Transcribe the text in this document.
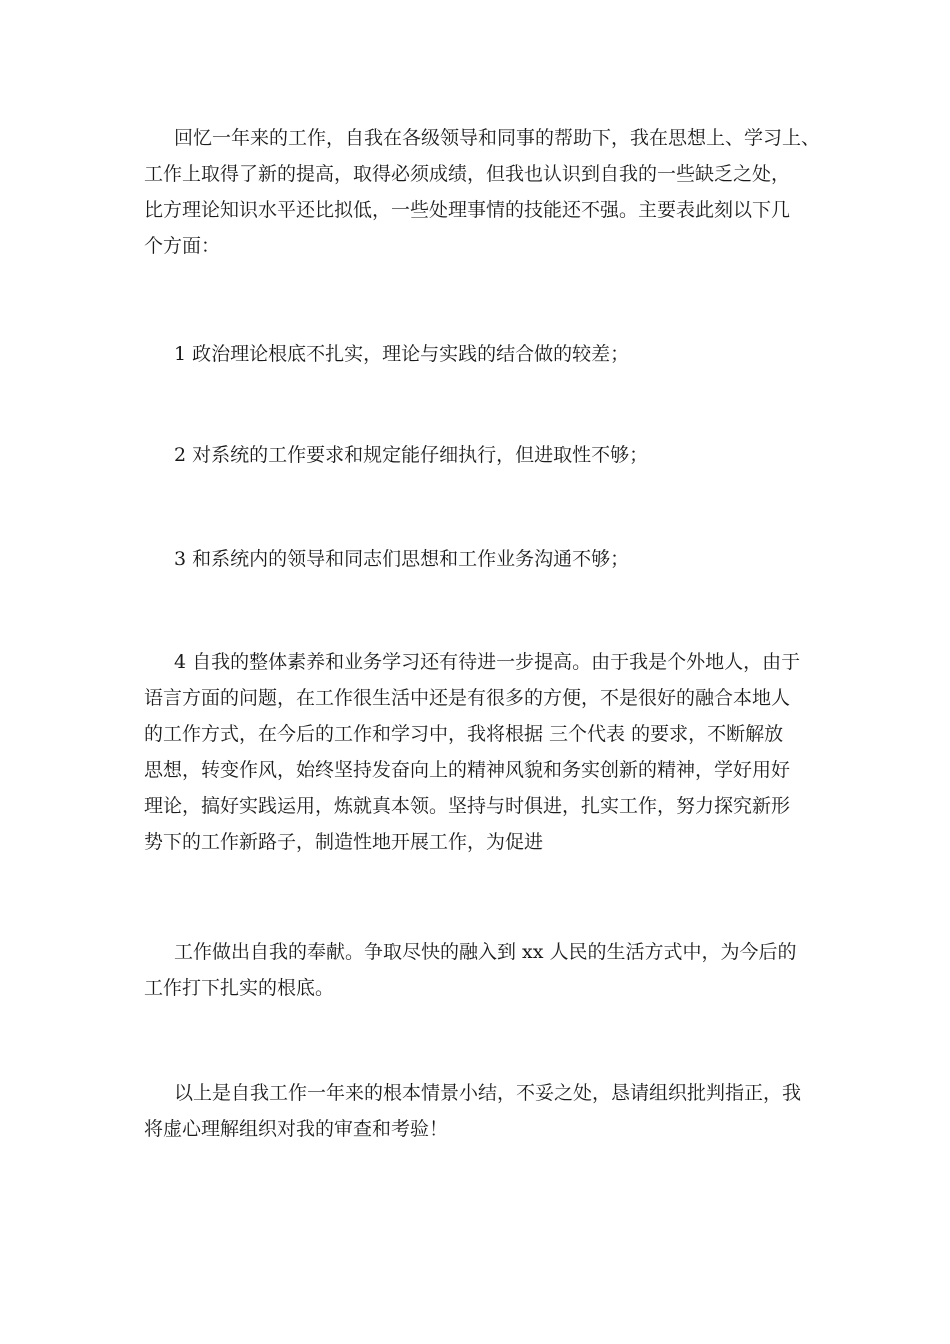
回忆一年来的工作，自我在各级领导和同事的帮助下，我在思想上、学习上、
工作上取得了新的提高，取得必须成绩，但我也认识到自我的一些缺乏之处，
比方理论知识水平还比拟低，一些处理事情的技能还不强。主要表此刻以下几
个方面：
1 政治理论根底不扎实，理论与实践的结合做的较差；
2 对系统的工作要求和规定能仔细执行，但进取性不够；
3 和系统内的领导和同志们思想和工作业务沟通不够；
4 自我的整体素养和业务学习还有待进一步提高。由于我是个外地人，由于
语言方面的问题，在工作很生活中还是有很多的方便，不是很好的融合本地人
的工作方式，在今后的工作和学习中，我将根据 三个代表 的要求，不断解放
思想，转变作风，始终坚持发奋向上的精神风貌和务实创新的精神，学好用好
理论，搞好实践运用，炼就真本领。坚持与时俱进，扎实工作，努力探究新形
势下的工作新路子，制造性地开展工作，为促进
工作做出自我的奉献。争取尽快的融入到 xx 人民的生活方式中，为今后的
工作打下扎实的根底。
以上是自我工作一年来的根本情景小结，不妥之处，恳请组织批判指正，我
将虚心理解组织对我的审查和考验！
